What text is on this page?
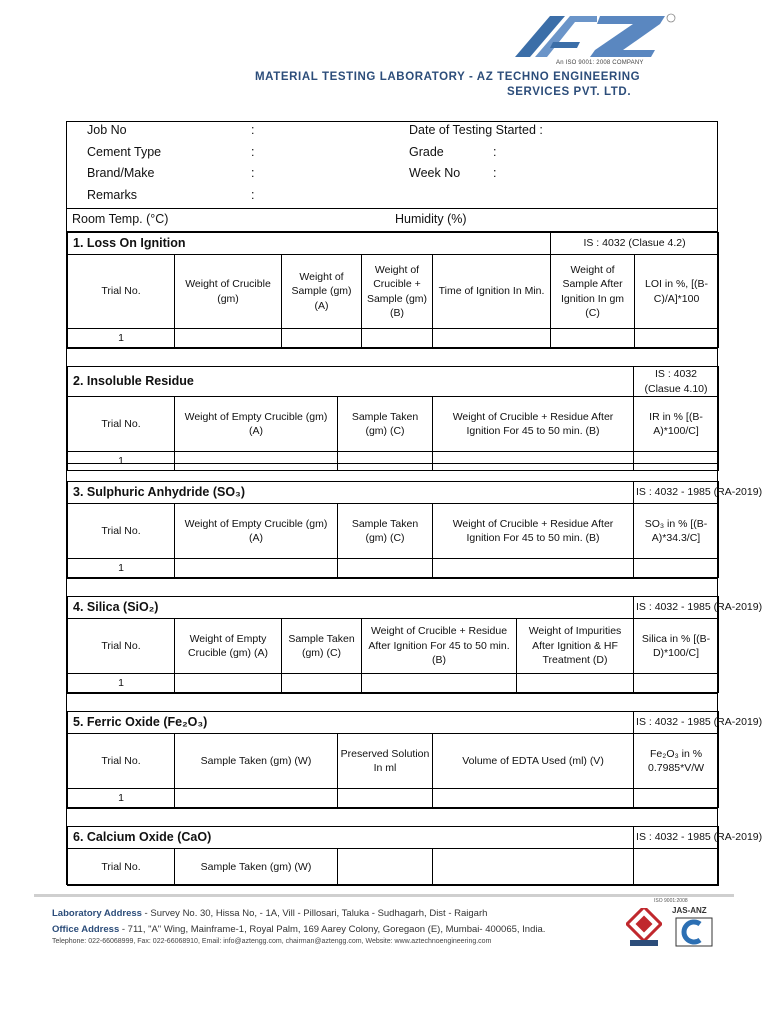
An ISO 9001: 2008 COMPANY
MATERIAL TESTING LABORATORY - AZ TECHNO ENGINEERING
SERVICES PVT. LTD.
Job No	:	Date of Testing Started :
Cement Type	:	Grade	:
Brand/Make	:	Week No	:
Remarks	:
Room Temp. (°C)	Humidity (%)
1. Loss On Ignition					IS : 4032 (Clasue 4.2)	
Trial No.	Weight of Crucible (gm)	Weight of Sample (gm) (A)	Weight of Crucible + Sample (gm) (B)	Time of Ignition In Min.	Weight of Sample After Ignition In gm (C)	LOI in %, [(B-C)/A]*100
1						
2. Insoluble Residue				IS : 4032 (Clasue 4.10)
Trial No.	Weight of Empty Crucible (gm) (A)	Sample Taken (gm) (C)	Weight of Crucible + Residue After Ignition For 45 to 50 min. (B)	IR in % [(B-A)*100/C]
1				
3. Sulphuric Anhydride (SO₃)				IS : 4032 - 1985 (RA-2019)
Trial No.	Weight of Empty Crucible (gm) (A)	Sample Taken (gm) (C)	Weight of Crucible + Residue After Ignition For 45 to 50 min. (B)	SO₃ in % [(B-A)*34.3/C]
1				
4. Silica (SiO₂)					IS : 4032 - 1985 (RA-2019)
Trial No.	Weight of Empty Crucible (gm) (A)	Sample Taken (gm) (C)	Weight of Crucible + Residue After Ignition For 45 to 50 min. (B)	Weight of Impurities After Ignition & HF Treatment (D)	Silica in % [(B-D)*100/C]
1					
5. Ferric Oxide (Fe₂O₃)				IS : 4032 - 1985 (RA-2019)
Trial No.	Sample Taken (gm) (W)	Preserved Solution In ml	Volume of EDTA Used (ml) (V)	Fe₂O₃ in % 0.7985*V/W
1				
6. Calcium Oxide (CaO)				IS : 4032 - 1985 (RA-2019)
Trial No.	Sample Taken (gm) (W)			
Laboratory Address - Survey No. 30, Hissa No, - 1A, Vill - Pillosari, Taluka - Sudhagarh, Dist - Raigarh
Office Address - 711, "A" Wing, Mainframe-1, Royal Palm, 169 Aarey Colony, Goregaon (E), Mumbai- 400065, India.
Telephone: 022-66068999, Fax: 022-66068910, Email: info@aztengg.com, chairman@aztengg.com, Website: www.aztechnoengineering.com
ISO 9001:2008
JAS-ANZ
